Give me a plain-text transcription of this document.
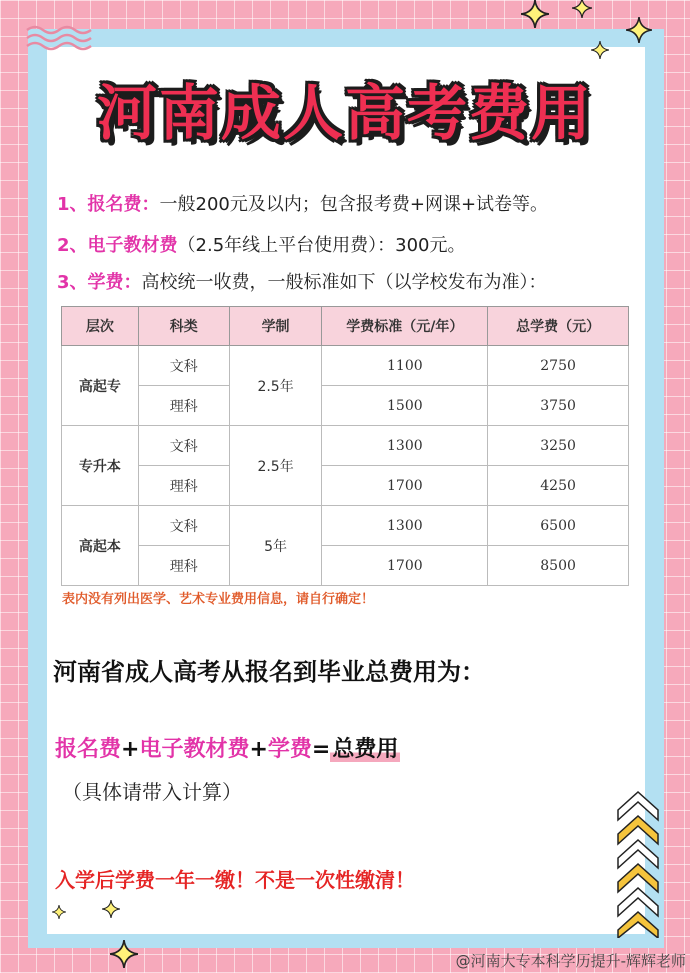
河南成人高考费用
1、报名费：一般200元及以内；包含报考费+网课+试卷等。
2、电子教材费（2.5年线上平台使用费）：300元。
3、学费：高校统一收费，一般标准如下（以学校发布为准）：
层次	科类	学制	学费标准（元/年）	总学费（元）
高起专	文科	2.5年	1100	2750
	理科		1500	3750
专升本	文科	2.5年	1300	3250
	理科		1700	4250
高起本	文科	5年	1300	6500
	理科		1700	8500
表内没有列出医学、艺术专业费用信息，请自行确定！
河南省成人高考从报名到毕业总费用为：
报名费+电子教材费+学费=总费用
（具体请带入计算）
入学后学费一年一缴！不是一次性缴清！
@河南大专本科学历提升-辉辉老师
